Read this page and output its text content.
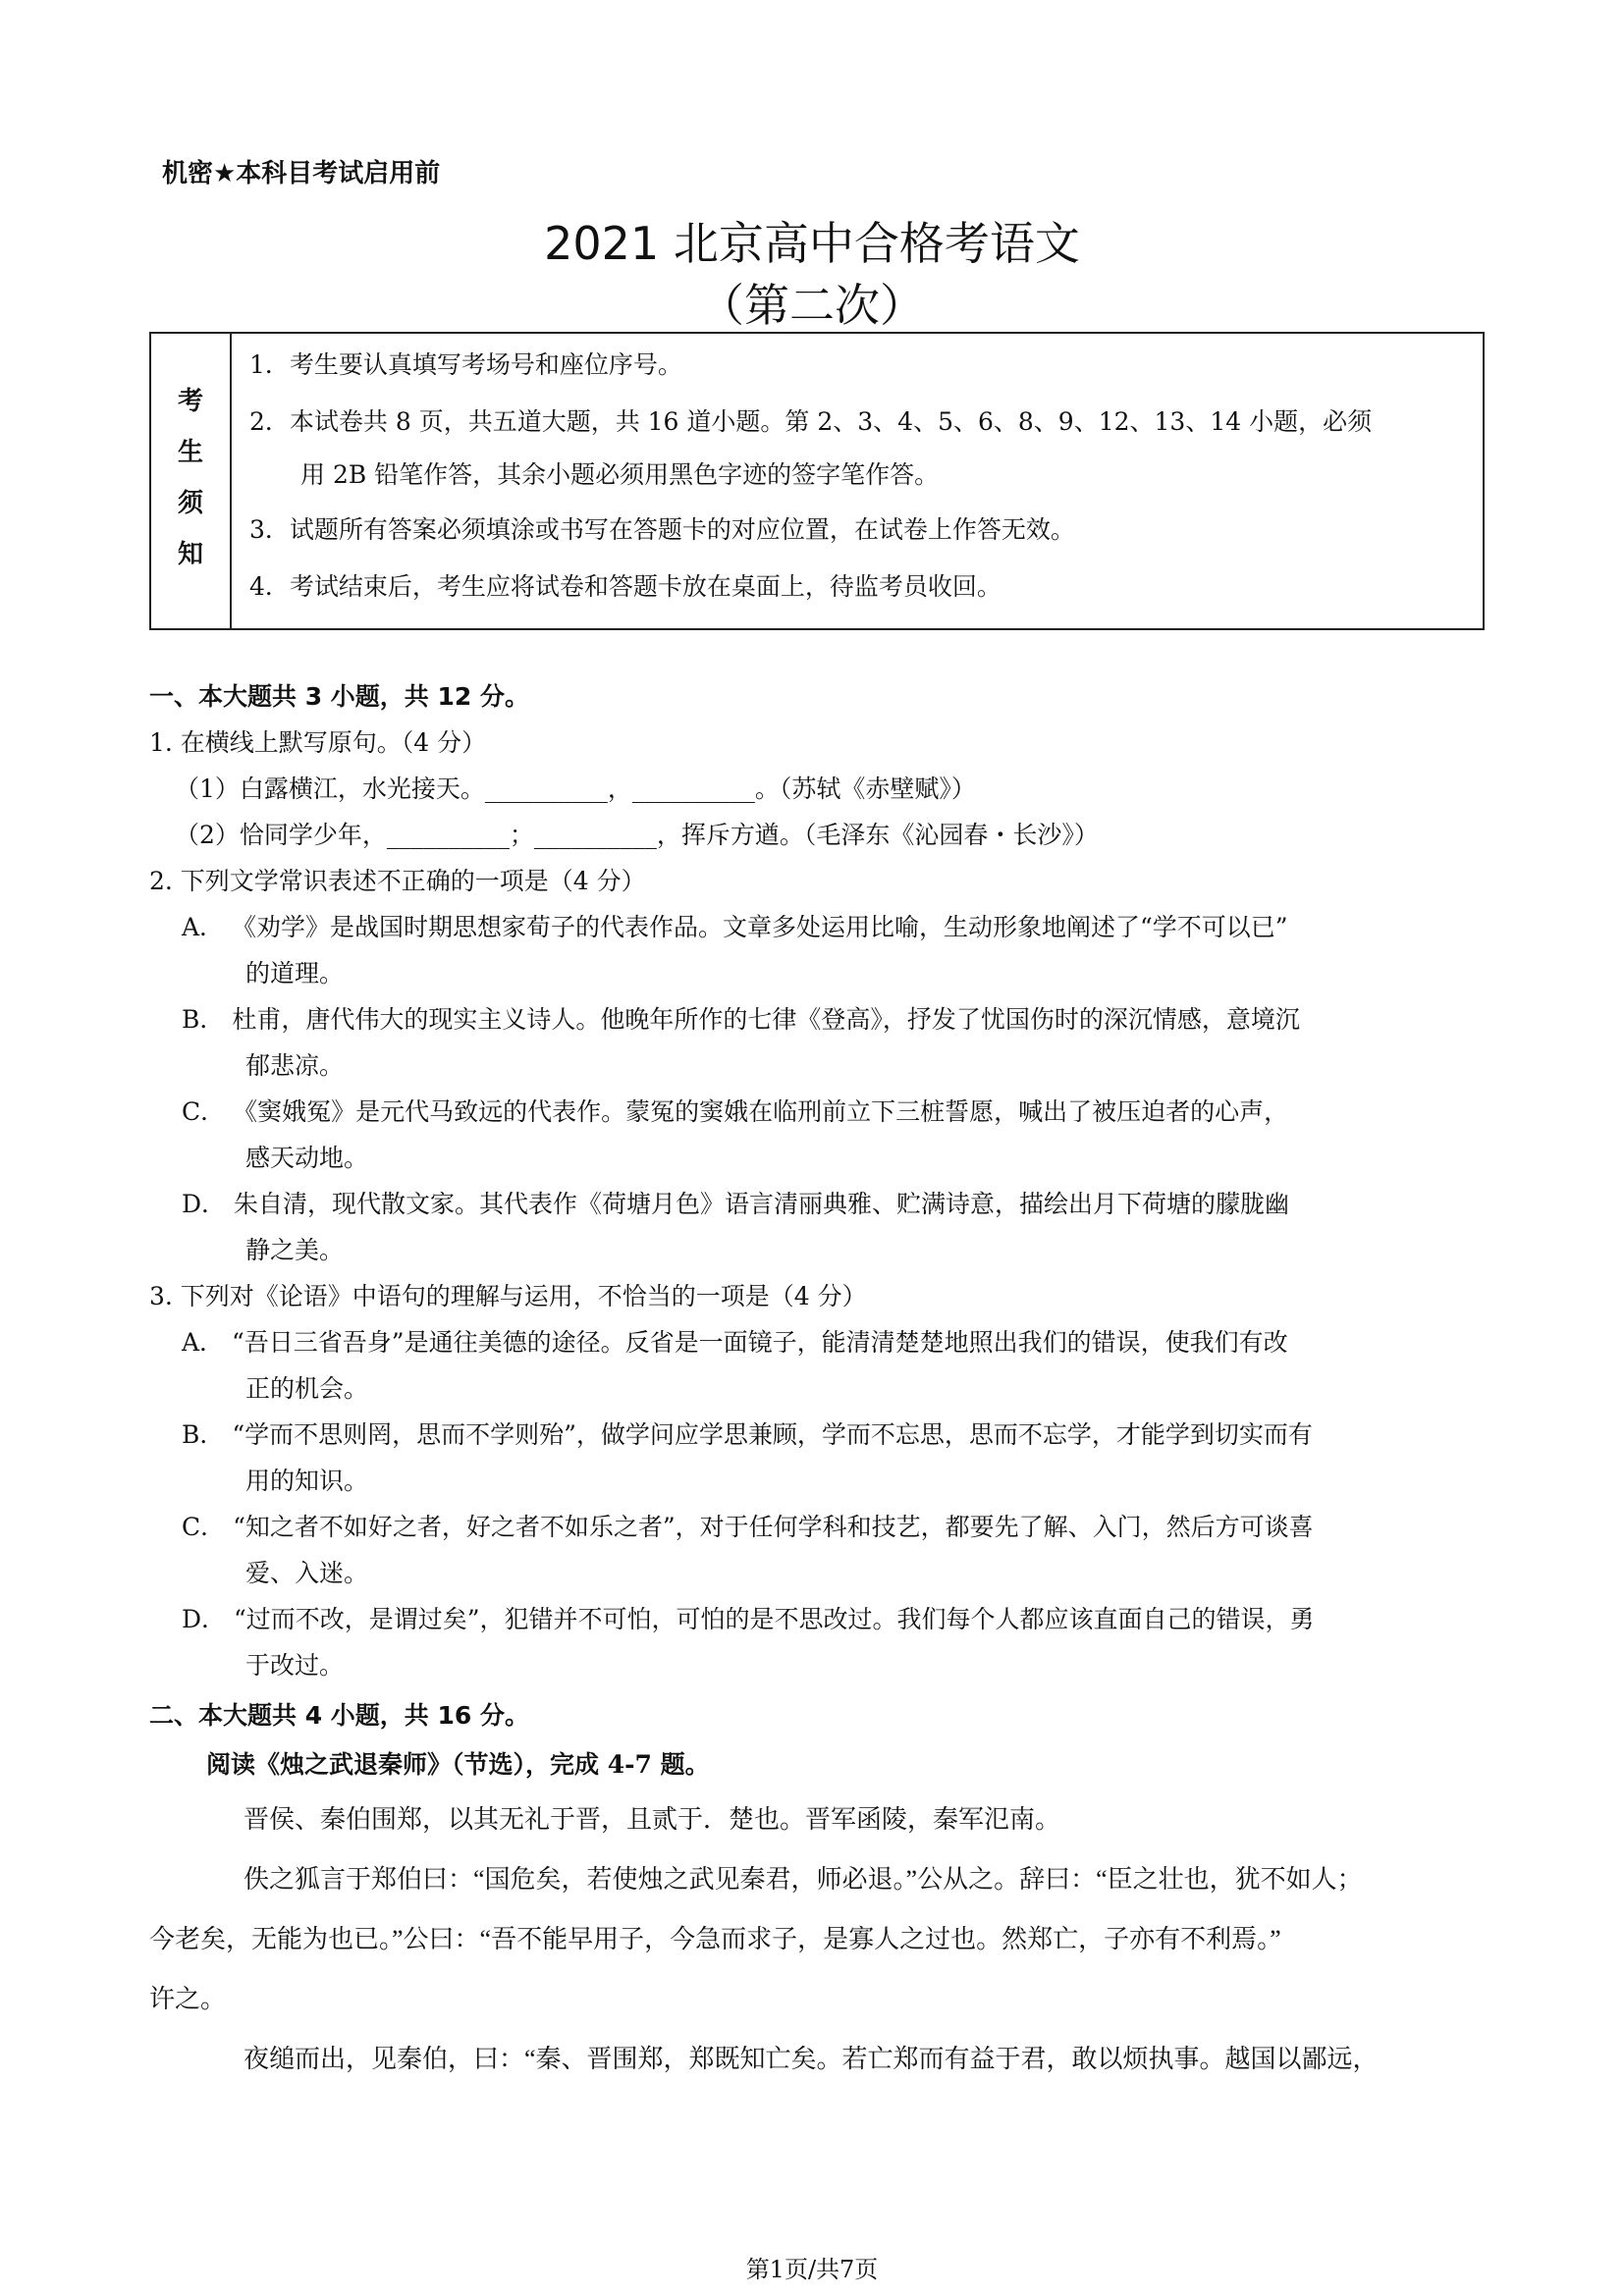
机密★本科目考试启用前
2021 北京高中合格考语文
（第二次）
考
生
须
知
1．考生要认真填写考场号和座位序号。
2．本试卷共 8 页，共五道大题，共 16 道小题。第 2、3、4、5、6、8、9、12、13、14 小题，必须
用 2B 铅笔作答，其余小题必须用黑色字迹的签字笔作答。
3．试题所有答案必须填涂或书写在答题卡的对应位置，在试卷上作答无效。
4．考试结束后，考生应将试卷和答题卡放在桌面上，待监考员收回。
一、本大题共 3 小题，共 12 分。
1. 在横线上默写原句。（4 分）
（1）白露横江，水光接天。__________，__________。（苏轼《赤壁赋》）
（2）恰同学少年，__________；__________，挥斥方遒。（毛泽东《沁园春・长沙》）
2. 下列文学常识表述不正确的一项是（4 分）
A． 《劝学》是战国时期思想家荀子的代表作品。文章多处运用比喻，生动形象地阐述了“学不可以已”
的道理。
B． 杜甫，唐代伟大的现实主义诗人。他晚年所作的七律《登高》，抒发了忧国伤时的深沉情感，意境沉
郁悲凉。
C． 《窦娥冤》是元代马致远的代表作。蒙冤的窦娥在临刑前立下三桩誓愿，喊出了被压迫者的心声，
感天动地。
D． 朱自清，现代散文家。其代表作《荷塘月色》语言清丽典雅、贮满诗意，描绘出月下荷塘的朦胧幽
静之美。
3. 下列对《论语》中语句的理解与运用，不恰当的一项是（4 分）
A． “吾日三省吾身”是通往美德的途径。反省是一面镜子，能清清楚楚地照出我们的错误，使我们有改
正的机会。
B． “学而不思则罔，思而不学则殆”，做学问应学思兼顾，学而不忘思，思而不忘学，才能学到切实而有
用的知识。
C． “知之者不如好之者，好之者不如乐之者”，对于任何学科和技艺，都要先了解、入门，然后方可谈喜
爱、入迷。
D． “过而不改，是谓过矣”，犯错并不可怕，可怕的是不思改过。我们每个人都应该直面自己的错误，勇
于改过。
二、本大题共 4 小题，共 16 分。
阅读《烛之武退秦师》（节选），完成 4-7 题。
晋侯、秦伯围郑，以其无礼于晋，且贰于．楚也。晋军函陵，秦军氾南。
佚之狐言于郑伯曰：“国危矣，若使烛之武见秦君，师必退。”公从之。辞曰：“臣之壮也，犹不如人；
今老矣，无能为也已。”公曰：“吾不能早用子，今急而求子，是寡人之过也。然郑亡，子亦有不利焉。”
许之。
夜缒而出，见秦伯，曰：“秦、晋围郑，郑既知亡矣。若亡郑而有益于君，敢以烦执事。越国以鄙远，
第1页/共7页
